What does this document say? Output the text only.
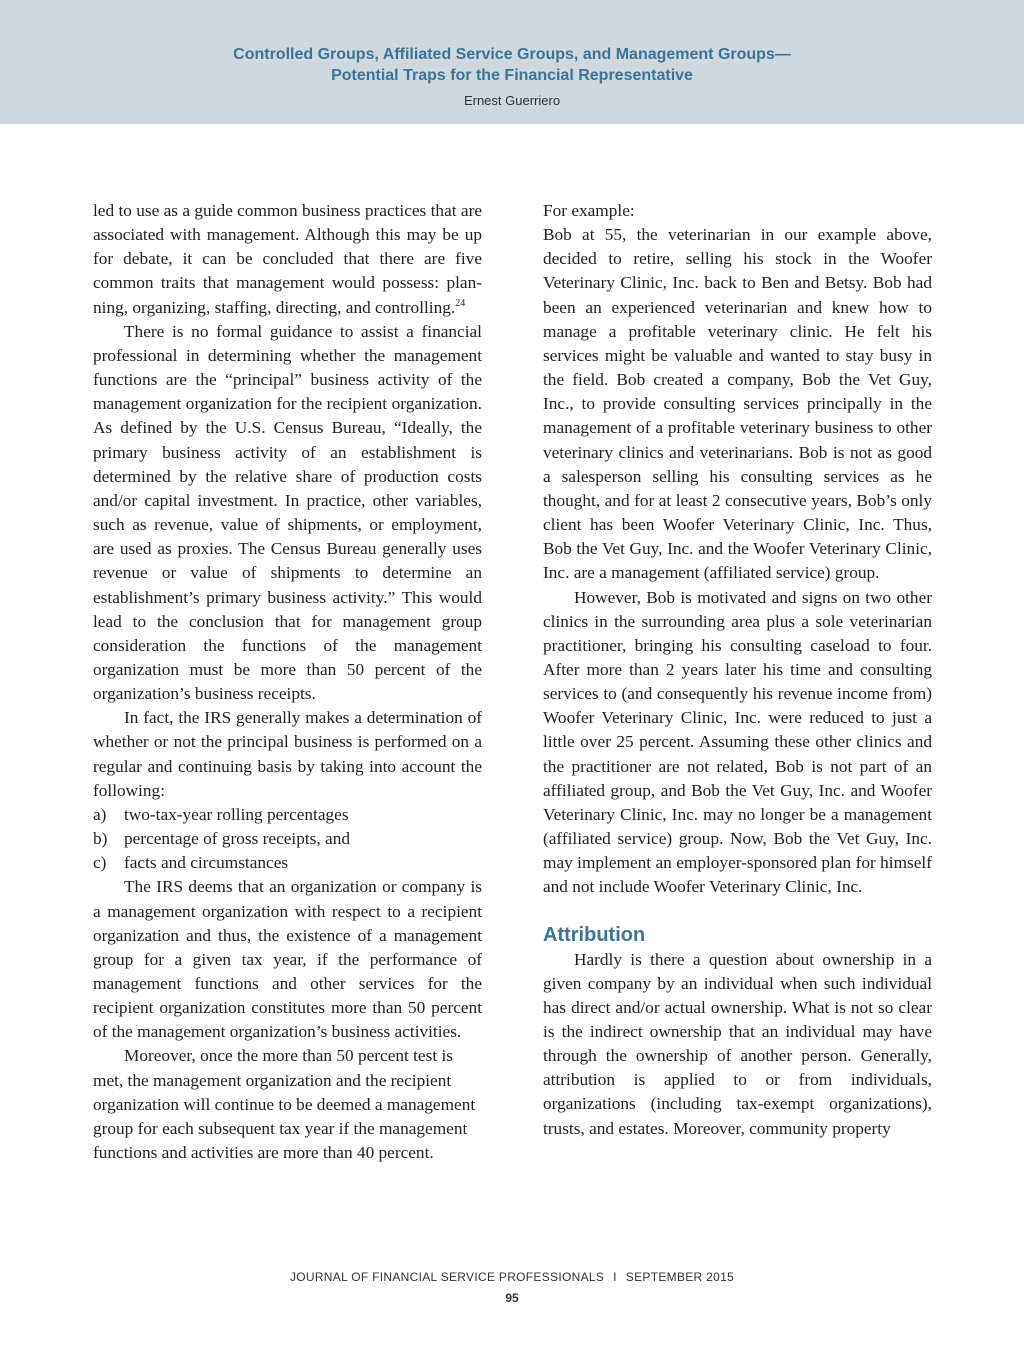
Controlled Groups, Affiliated Service Groups, and Management Groups—
Potential Traps for the Financial Representative
Ernest Guerriero

led to use as a guide common business practices that are associated with management. Although this may be up for debate, it can be concluded that there are five common traits that management would possess: planning, organizing, staffing, directing, and controlling.$^{24}$

There is no formal guidance to assist a financial professional in determining whether the management functions are the “principal” business activity of the management organization for the recipient organization. As defined by the U.S. Census Bureau, “Ideally, the primary business activity of an establishment is determined by the relative share of production costs and/or capital investment. In practice, other variables, such as revenue, value of shipments, or employment, are used as proxies. The Census Bureau generally uses revenue or value of shipments to determine an establishment’s primary business activity.” This would lead to the conclusion that for management group consideration the functions of the management organization must be more than 50 percent of the organization’s business receipts.

In fact, the IRS generally makes a determination of whether or not the principal business is performed on a regular and continuing basis by taking into account the following:

a)	two-tax-year rolling percentages
b) percentage of gross receipts, and
c)	facts and circumstances

The IRS deems that an organization or company is a management organization with respect to a recipient organization and thus, the existence of a management group for a given tax year, if the performance of management functions and other services for the recipient organization constitutes more than 50 percent of the management organization’s business activities.

Moreover, once the more than 50 percent test is met, the management organization and the recipient organization will continue to be deemed a management group for each subsequent tax year if the management functions and activities are more than 40 percent.

For example:

Bob at 55, the veterinarian in our example above, decided to retire, selling his stock in the Woofer Veterinary Clinic, Inc. back to Ben and Betsy. Bob had been an experienced veterinarian and knew how to manage a profitable veterinary clinic. He felt his services might be valuable and wanted to stay busy in the field. Bob created a company, Bob the Vet Guy, Inc., to provide consulting services principally in the management of a profitable veterinary business to other veterinary clinics and veterinarians. Bob is not as good a salesperson selling his consulting services as he thought, and for at least 2 consecutive years, Bob’s only client has been Woofer Veterinary Clinic, Inc. Thus, Bob the Vet Guy, Inc. and the Woofer Veterinary Clinic, Inc. are a management (affiliated service) group.

However, Bob is motivated and signs on two other clinics in the surrounding area plus a sole veterinarian practitioner, bringing his consulting caseload to four. After more than 2 years later his time and consulting services to (and consequently his revenue income from) Woofer Veterinary Clinic, Inc. were reduced to just a little over 25 percent. Assuming these other clinics and the practitioner are not related, Bob is not part of an affiliated group, and Bob the Vet Guy, Inc. and Woofer Veterinary Clinic, Inc. may no longer be a management (affiliated service) group. Now, Bob the Vet Guy, Inc. may implement an employer-sponsored plan for himself and not include Woofer Veterinary Clinic, Inc.

Attribution

Hardly is there a question about ownership in a given company by an individual when such individual has direct and/or actual ownership. What is not so clear is the indirect ownership that an individual may have through the ownership of another person. Generally, attribution is applied to or from individuals, organizations (including tax-exempt organizations), trusts, and estates. Moreover, community property

JOURNAL OF FINANCIAL SERVICE PROFESSIONALS I SEPTEMBER 2015
95
